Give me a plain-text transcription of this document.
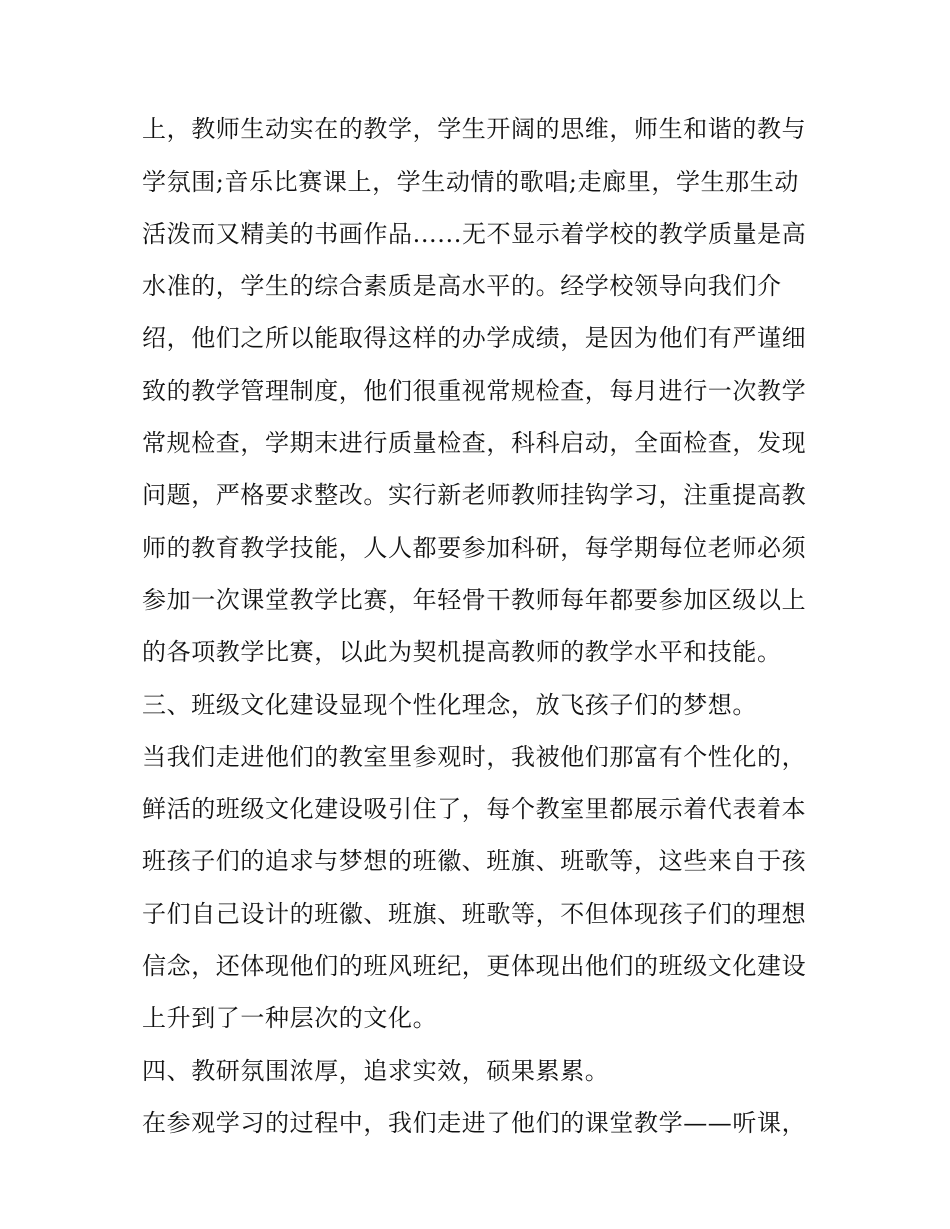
上，教师生动实在的教学，学生开阔的思维，师生和谐的教与
学氛围;音乐比赛课上，学生动情的歌唱;走廊里，学生那生动
活泼而又精美的书画作品......无不显示着学校的教学质量是高
水准的，学生的综合素质是高水平的。经学校领导向我们介
绍，他们之所以能取得这样的办学成绩，是因为他们有严谨细
致的教学管理制度，他们很重视常规检查，每月进行一次教学
常规检查，学期末进行质量检查，科科启动，全面检查，发现
问题，严格要求整改。实行新老师教师挂钩学习，注重提高教
师的教育教学技能，人人都要参加科研，每学期每位老师必须
参加一次课堂教学比赛，年轻骨干教师每年都要参加区级以上
的各项教学比赛，以此为契机提高教师的教学水平和技能。
三、班级文化建设显现个性化理念，放飞孩子们的梦想。
当我们走进他们的教室里参观时，我被他们那富有个性化的，
鲜活的班级文化建设吸引住了，每个教室里都展示着代表着本
班孩子们的追求与梦想的班徽、班旗、班歌等，这些来自于孩
子们自己设计的班徽、班旗、班歌等，不但体现孩子们的理想
信念，还体现他们的班风班纪，更体现出他们的班级文化建设
上升到了一种层次的文化。
四、教研氛围浓厚，追求实效，硕果累累。
在参观学习的过程中，我们走进了他们的课堂教学——听课，
